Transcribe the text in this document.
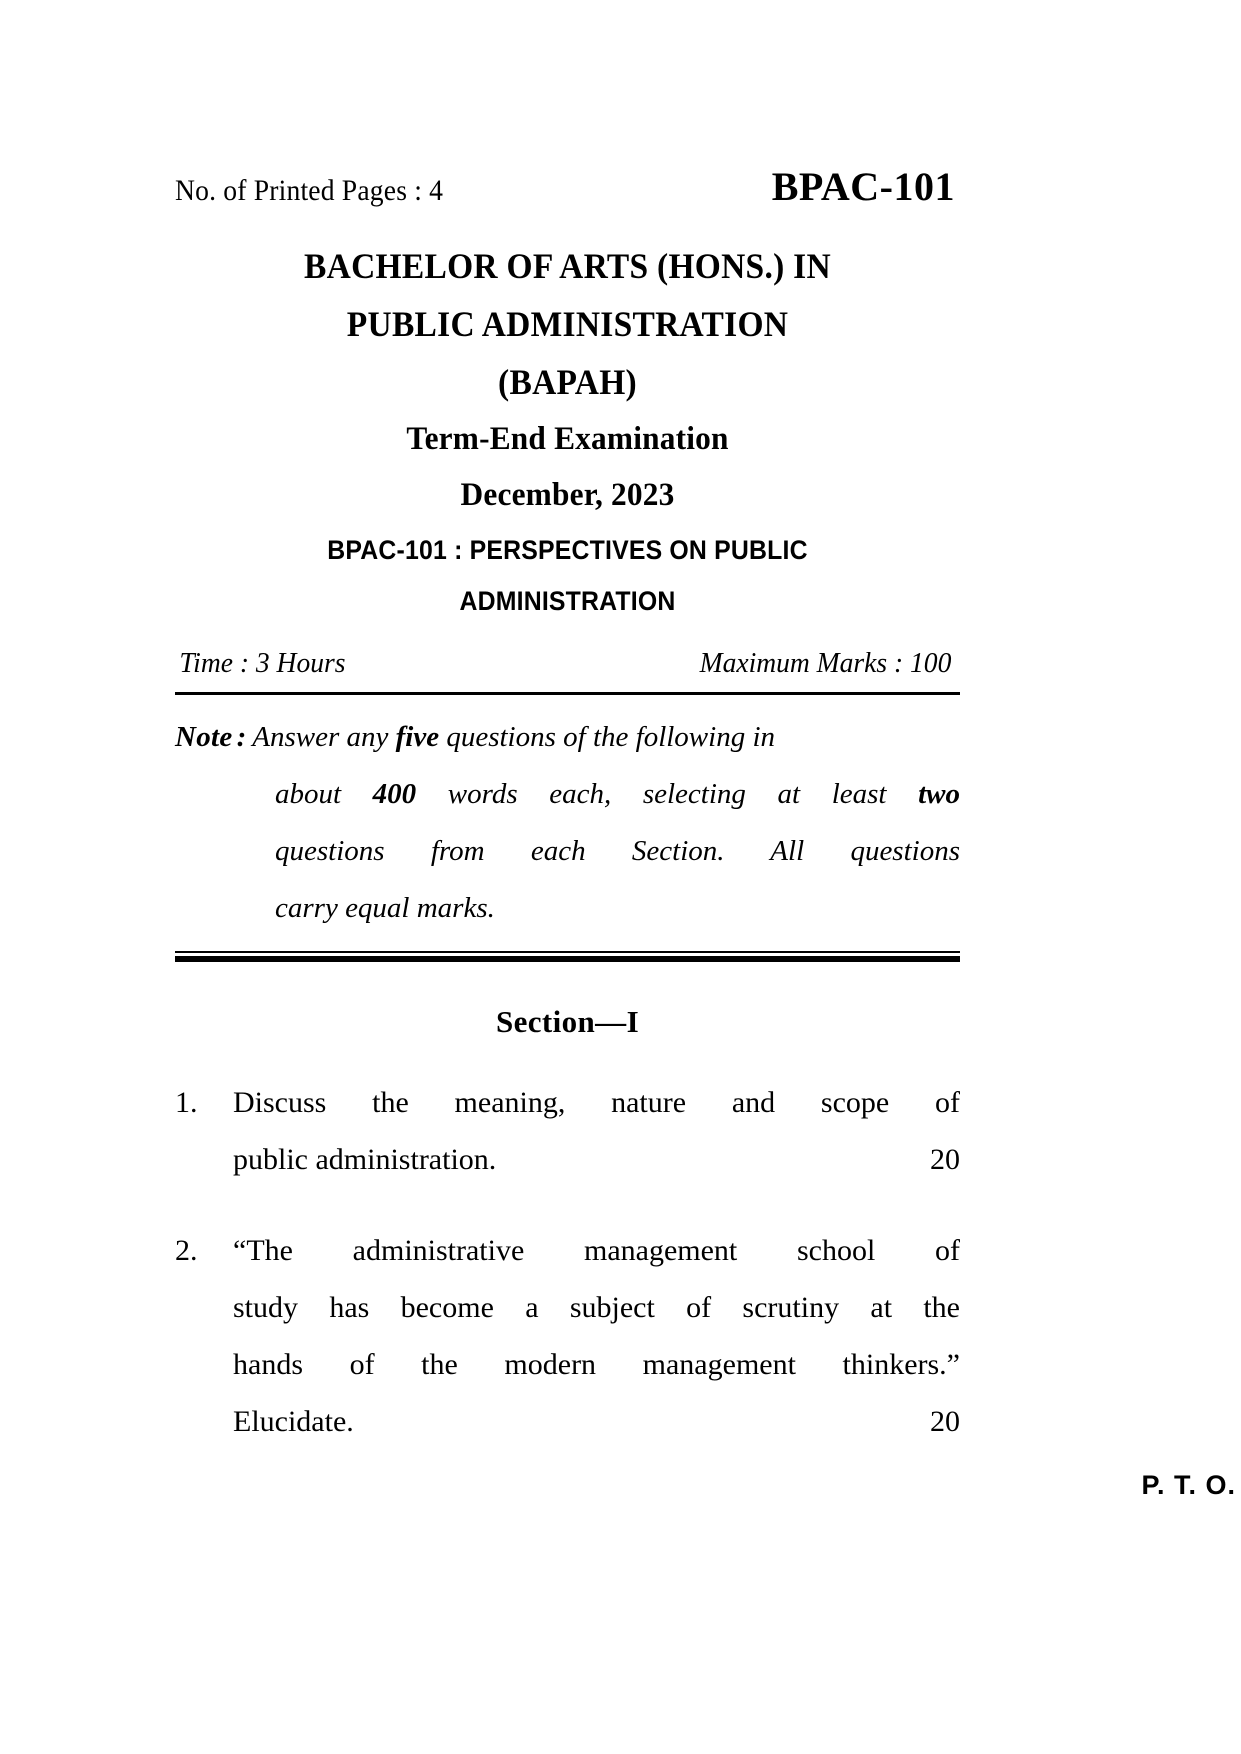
No. of Printed Pages : 4	BPAC-101
BACHELOR OF ARTS (HONS.) IN
PUBLIC ADMINISTRATION
(BAPAH)
Term-End Examination
December, 2023
BPAC-101 : PERSPECTIVES ON PUBLIC
ADMINISTRATION
Time : 3 Hours	Maximum Marks : 100
Note : Answer any five questions of the following in
about 400 words each, selecting at least two
questions from each Section. All questions
carry equal marks.
Section—I
1.	Discuss the meaning, nature and scope of
public administration.	20
2.	“The administrative management school of
study has become a subject of scrutiny at the
hands of the modern management thinkers.”
Elucidate.	20
P. T. O.
